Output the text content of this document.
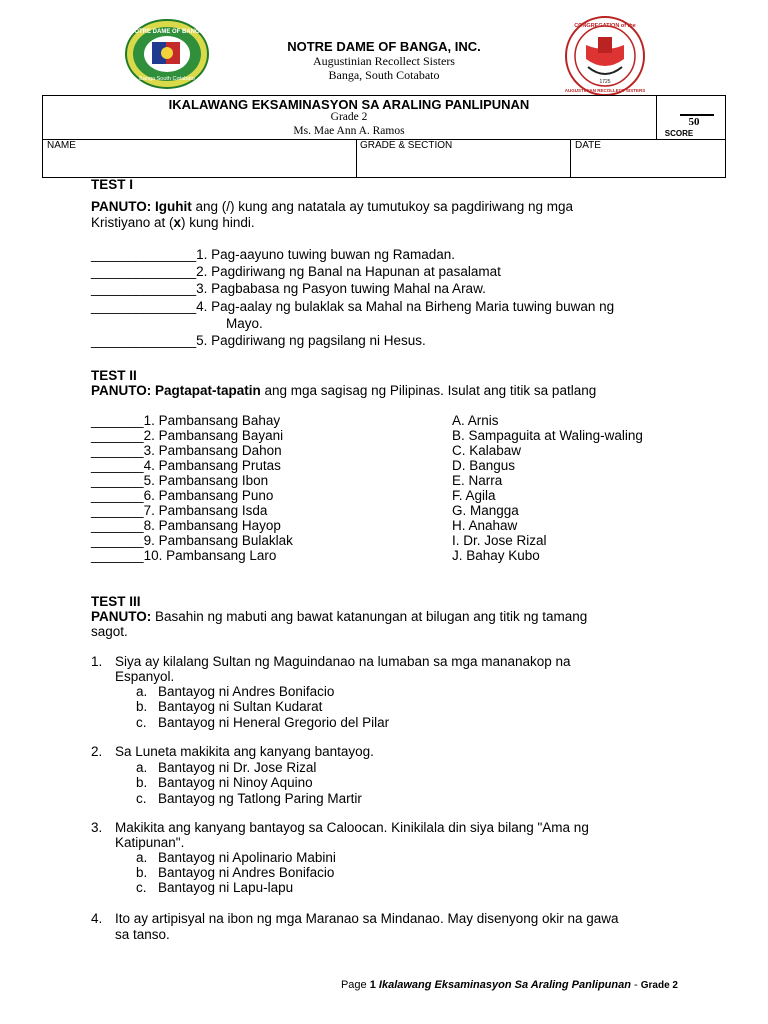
NOTRE DAME OF BANGA
Banga South Cotabato
CONGREGATION of the
AUGUSTINIAN RECOLLECT SISTERS
1725
NOTRE DAME OF BANGA, INC.
Augustinian Recollect Sisters
Banga, South Cotabato
IKALAWANG EKSAMINASYON SA ARALING PANLIPUNAN
Grade 2
Ms. Mae Ann A. Ramos
50
SCORE
NAME	GRADE & SECTION	DATE
TEST I
PANUTO: Iguhit ang (/) kung ang natatala ay tumutukoy sa pagdiriwang ng mga
Kristiyano at (x) kung hindi.
______________1. Pag-aayuno tuwing buwan ng Ramadan.
______________2. Pagdiriwang ng Banal na Hapunan at pasalamat
______________3. Pagbabasa ng Pasyon tuwing Mahal na Araw.
______________4. Pag-aalay ng bulaklak sa Mahal na Birheng Maria tuwing buwan ng
Mayo.
______________5. Pagdiriwang ng pagsilang ni Hesus.
TEST II
PANUTO: Pagtapat-tapatin ang mga sagisag ng Pilipinas. Isulat ang titik sa patlang
_______1. Pambansang Bahay
_______2. Pambansang Bayani
_______3. Pambansang Dahon
_______4. Pambansang Prutas
_______5. Pambansang Ibon
_______6. Pambansang Puno
_______7. Pambansang Isda
_______8. Pambansang Hayop
_______9. Pambansang Bulaklak
_______10. Pambansang Laro
A. Arnis
B. Sampaguita at Waling-waling
C. Kalabaw
D. Bangus
E. Narra
F. Agila
G. Mangga
H. Anahaw
I. Dr. Jose Rizal
J. Bahay Kubo
TEST III
PANUTO: Basahin ng mabuti ang bawat katanungan at bilugan ang titik ng tamang
sagot.
1. Siya ay kilalang Sultan ng Maguindanao na lumaban sa mga mananakop na
Espanyol.
a. Bantayog ni Andres Bonifacio
b. Bantayog ni Sultan Kudarat
c. Bantayog ni Heneral Gregorio del Pilar
2. Sa Luneta makikita ang kanyang bantayog.
a. Bantayog ni Dr. Jose Rizal
b. Bantayog ni Ninoy Aquino
c. Bantayog ng Tatlong Paring Martir
3. Makikita ang kanyang bantayog sa Caloocan. Kinikilala din siya bilang "Ama ng
Katipunan".
a. Bantayog ni Apolinario Mabini
b. Bantayog ni Andres Bonifacio
c. Bantayog ni Lapu-lapu
4. Ito ay artipisyal na ibon ng mga Maranao sa Mindanao. May disenyong okir na gawa
sa tanso.
Page 1 Ikalawang Eksaminasyon Sa Araling Panlipunan - Grade 2
